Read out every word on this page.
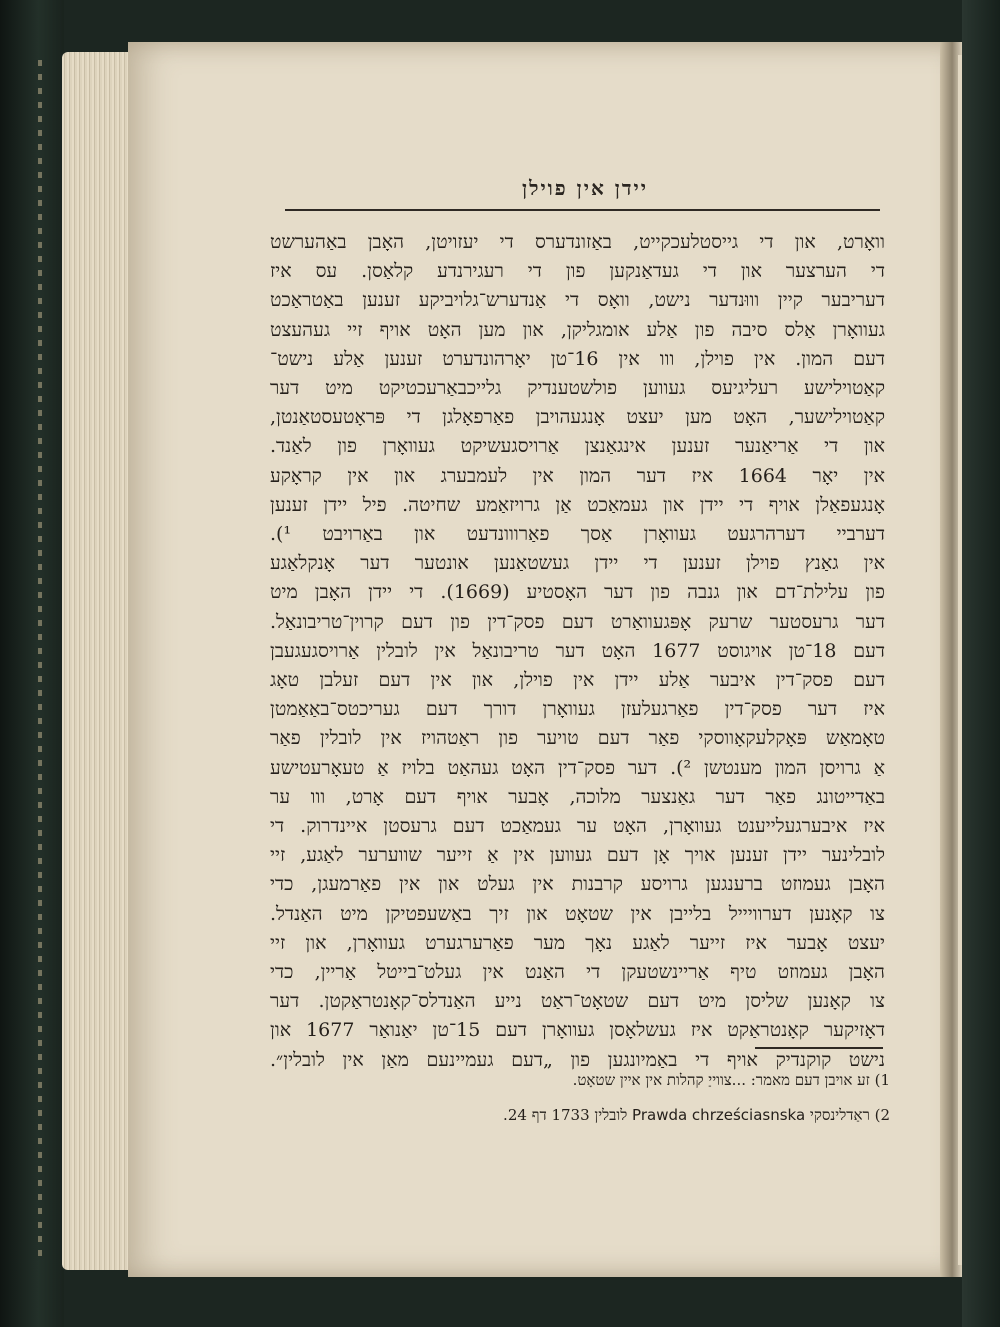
יידן אין פוילן
וואָרט, און די גייסטלעכקייט, באַזונדערס די יעזויטן, האָבן באַהערשט
די הערצער און די געדאַנקען פון די רעגירנדע קלאַסן. עס איז
דעריבער קיין וווּנדער נישט, וואָס די אַנדערש־גלויביקע זענען באַטראַכט
געוואָרן אַלס סיבה פון אַלע אומגליקן, און מען האָט אויף זיי געהעצט
דעם המון. אין פוילן, ווו אין 16־טן יאָרהונדערט זענען אַלע נישט־
קאַטוילישע רעליגיעס געווען פולשטענדיק גלייכבאַרעכטיקט מיט דער
קאַטוילישער, האָט מען יעצט אָנגעהויבן פאַרפאָלגן די פּראָטעסטאַנטן,
און די אַריאַנער זענען אינגאַנצן אַרויסגעשיקט געוואָרן פון לאַנד.
אין יאָר 1664 איז דער המון אין לעמבערג און אין קראָקע
אָנגעפאַלן אויף די יידן און געמאַכט אַן גרויזאַמע שחיטה. פיל יידן זענען
דערביי דערהרגעט געוואָרן אַסך פאַרווונדעט און באַרויבט ¹).
אין גאַנץ פוילן זענען די יידן געשטאַנען אונטער דער אָנקלאַגע
פון עלילת־דם און גנבה פון דער האָסטיע (1669). די יידן האָבן מיט
דער גרעסטער שרעק אָפּגעוואַרט דעם פסק־דין פון דעם קרוין־טריבונאַל.
דעם 18־טן אויגוסט 1677 האָט דער טריבונאַל אין לובלין אַרויסגעגעבן
דעם פסק־דין איבער אַלע יידן אין פוילן, און אין דעם זעלבן טאָג
איז דער פסק־דין פאַרגעלעזן געוואָרן דורך דעם געריכטס־באַאַמטן
טאָמאַש פּאָקלעקאָווסקי פאַר דעם טויער פון ראַטהויז אין לובלין פאַר
אַ גרויסן המון מענטשן ²). דער פסק־דין האָט געהאַט בלויז אַ טעאָרעטישע
באַדייטונג פאַר דער גאַנצער מלוכה, אָבער אויף דעם אָרט, ווו ער
איז איבערגעלייענט געוואָרן, האָט ער געמאַכט דעם גרעסטן איינדרוק. די
לובלינער יידן זענען אויך אָן דעם געווען אין אַ זייער שווערער לאַגע, זיי
האָבן געמוזט ברענגען גרויסע קרבנות אין געלט און אין פאַרמעגן, כדי
צו קאָנען דערוויייל בלייבן אין שטאָט און זיך באַשעפטיקן מיט האַנדל.
יעצט אָבער איז זייער לאַגע נאָך מער פאַרערגערט געוואָרן, און זיי
האָבן געמוזט טיף אַריינשטעקן די האַנט אין געלט־בייטל אַריין, כדי
צו קאָנען שליסן מיט דעם שטאָט־ראַט נייע האַנדלס־קאָנטראַקטן. דער
דאָזיקער קאָנטראַקט איז געשלאָסן געוואָרן דעם 15־טן יאַנואַר 1677 און
נישט קוקנדיק אויף די באַמיונגען פון „דעם געמיינעם מאַן אין לובלין״.
1) זע אויבן דעם מאמר: ...צווייַ קהלות אין איין שטאָט.
2) ראַדלינסקי Prawda chrześciasnska לובלין 1733 דף 24.
